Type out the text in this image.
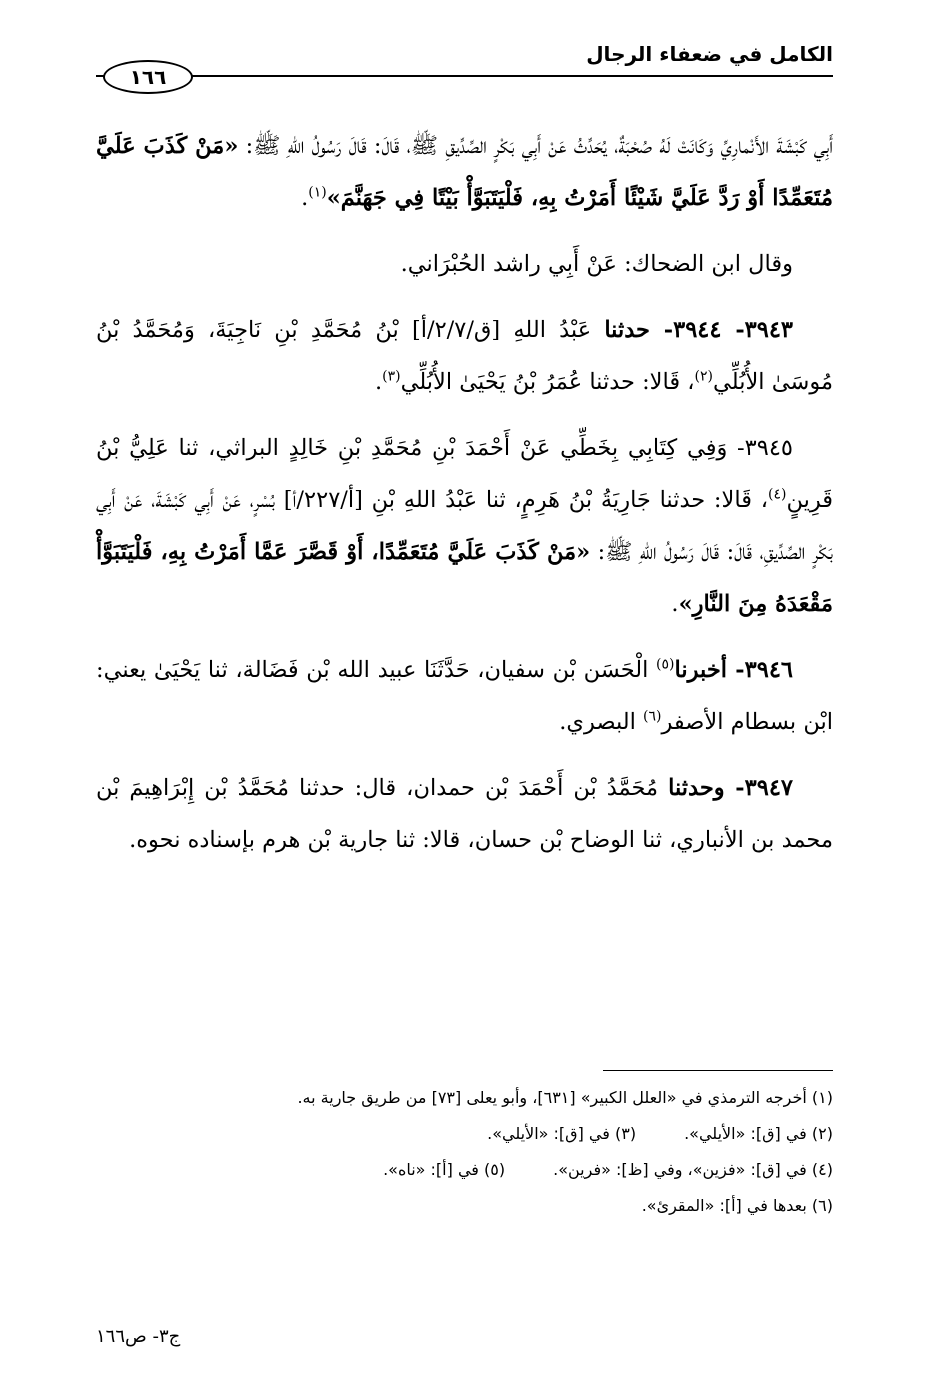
الكامل في ضعفاء الرجال
١٦٦

أَبِي كَبْشَةَ الأَنْمارِيِّ وَكَانَتْ لَهُ صُحْبَةٌ، يُحَدِّثُ عَنْ أَبِي بَكْرٍ الصِّدِّيقِ ﷺ، قَالَ: قَالَ رَسُولُ اللهِ ﷺ: «مَنْ كَذَبَ عَلَيَّ مُتَعَمِّدًا أَوْ رَدَّ عَلَيَّ شَيْئًا أَمَرْتُ بِهِ، فَلْيَتَبَوَّأْ بَيْتًا فِي جَهَنَّمَ»$^{(١)}$.

وقال ابن الضحاك: عَنْ أَبِي راشد الحُبْرَاني.

٣٩٤٣- ٣٩٤٤- حدثنا عَبْدُ اللهِ [ق/٢/٧/أ] بْنُ مُحَمَّدِ بْنِ نَاجِيَةَ، وَمُحَمَّدُ بْنُ مُوسَىٰ الأُبُلِّي$^{(٢)}$، قَالا: حدثنا عُمَرُ بْنُ يَحْيَىٰ الأُبُلِّي$^{(٣)}$.

٣٩٤٥- وَفِي كِتَابِي بِخَطِّي عَنْ أَحْمَدَ بْنِ مُحَمَّدِ بْنِ خَالِدٍ البراثي، ثنا عَلِيُّ بْنُ قَرِينٍ$^{(٤)}$، قَالا: حدثنا جَارِيَةُ بْنُ هَرِمٍ، ثنا عَبْدُ اللهِ بْنِ [أ/٢٢٧/أ] بُسْرٍ، عَنْ أَبِي كَبْشَةَ، عَنْ أَبِي بَكْرٍ الصِّدِّيقِ، قَالَ: قَالَ رَسُولُ اللهِ ﷺ: «مَنْ كَذَبَ عَلَيَّ مُتَعَمِّدًا، أَوْ قَصَّرَ عَمَّا أَمَرْتُ بِهِ، فَلْيَتَبَوَّأْ مَقْعَدَهُ مِنَ النَّارِ».

٣٩٤٦- أخبرنا$^{(٥)}$ الْحَسَن بْن سفيان، حَدَّثَنَا عبيد الله بْن فَضَالة، ثنا يَحْيَىٰ يعني: ابْن بسطام الأصفر$^{(٦)}$ البصري.

٣٩٤٧- وحدثنا مُحَمَّدُ بْن أَحْمَدَ بْن حمدان، قال: حدثنا مُحَمَّدُ بْن إِبْرَاهِيمَ بْن محمد بن الأنباري، ثنا الوضاح بْن حسان، قالا: ثنا جارية بْن هرم بإسناده نحوه.

(١) أخرجه الترمذي في «العلل الكبير» [٦٣١]، وأبو يعلى [٧٣] من طريق جارية به.
(٢) في [ق]: «الأيلي».(٣) في [ق]: «الأيلي».
(٤) في [ق]: «فزين»، وفي [ظ]: «فرين».(٥) في [أ]: «ناه».
(٦) بعدها في [أ]: «المقرئ».
ج٣- ص١٦٦
